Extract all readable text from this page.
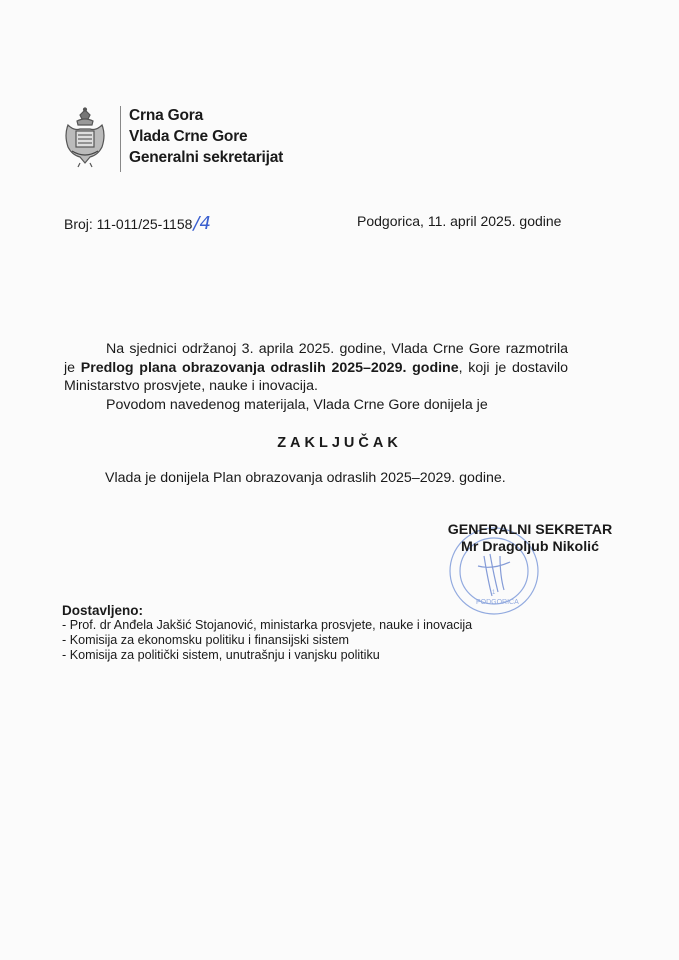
Crna Gora
Vlada Crne Gore
Generalni sekretarijat
Broj: 11-011/25-1158/4	Podgorica, 11. april 2025. godine

Na sjednici održanoj 3. aprila 2025. godine, Vlada Crne Gore razmotrila je Predlog plana obrazovanja odraslih 2025–2029. godine, koji je dostavilo Ministarstvo prosvjete, nauke i inovacija.

Povodom navedenog materijala, Vlada Crne Gore donijela je

ZAKLJUČAK
Vlada je donijela Plan obrazovanja odraslih 2025–2029. godine.
PODGORICA
1
GENERALNI SEKRETAR
Mr Dragoljub Nikolić
Dostavljeno:
- Prof. dr Anđela Jakšić Stojanović, ministarka prosvjete, nauke i inovacija
- Komisija za ekonomsku politiku i finansijski sistem
- Komisija za politički sistem, unutrašnju i vanjsku politiku
